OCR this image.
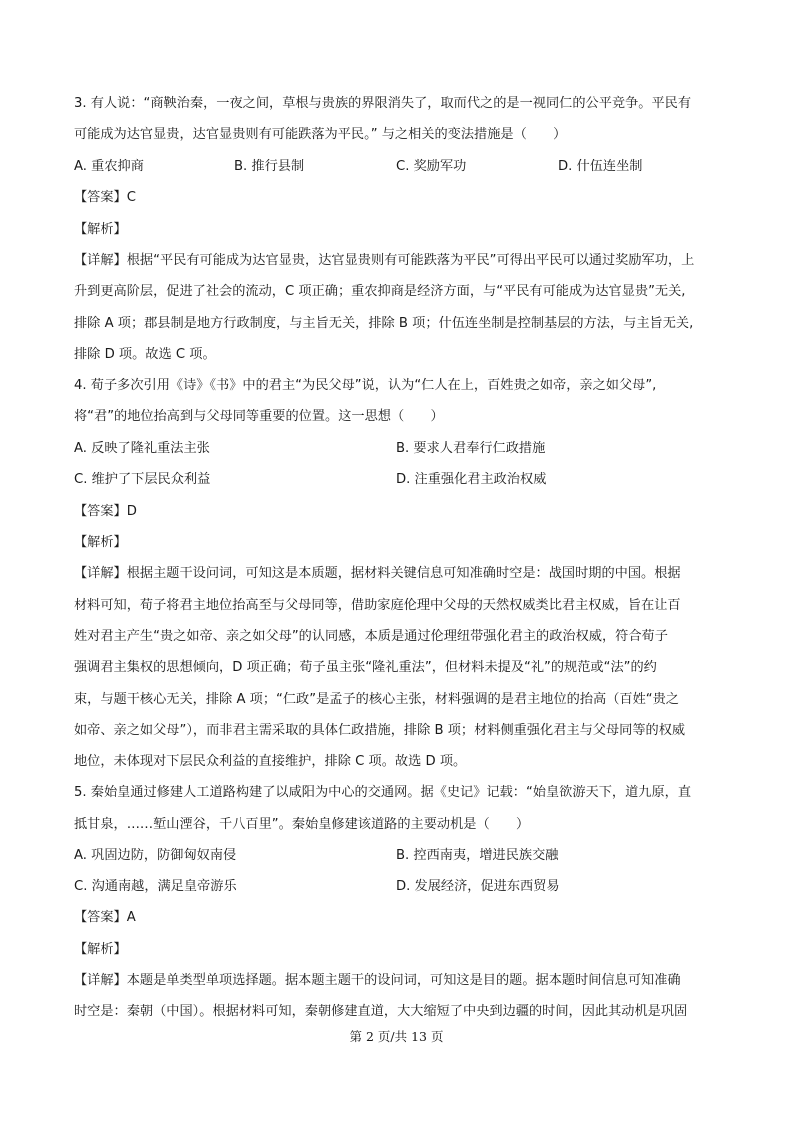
3. 有人说：“商鞅治秦，一夜之间，草根与贵族的界限消失了，取而代之的是一视同仁的公平竞争。平民有
可能成为达官显贵，达官显贵则有可能跌落为平民。” 与之相关的变法措施是（　　）
A. 重农抑商	B. 推行县制	C. 奖励军功	D. 什伍连坐制
【答案】C
【解析】
【详解】根据“平民有可能成为达官显贵，达官显贵则有可能跌落为平民”可得出平民可以通过奖励军功，上
升到更高阶层，促进了社会的流动，C 项正确；重农抑商是经济方面，与“平民有可能成为达官显贵”无关,
排除 A 项；郡县制是地方行政制度，与主旨无关，排除 B 项；什伍连坐制是控制基层的方法，与主旨无关,
排除 D 项。故选 C 项。
4. 荀子多次引用《诗》《书》中的君主“为民父母”说，认为“仁人在上，百姓贵之如帝，亲之如父母”,
将“君”的地位抬高到与父母同等重要的位置。这一思想（　　）
A. 反映了隆礼重法主张	B. 要求人君奉行仁政措施
C. 维护了下层民众利益	D. 注重强化君主政治权威
【答案】D
【解析】
【详解】根据主题干设问词，可知这是本质题，据材料关键信息可知准确时空是：战国时期的中国。根据
材料可知，荀子将君主地位抬高至与父母同等，借助家庭伦理中父母的天然权威类比君主权威，旨在让百
姓对君主产生“贵之如帝、亲之如父母”的认同感，本质是通过伦理纽带强化君主的政治权威，符合荀子
强调君主集权的思想倾向，D 项正确；荀子虽主张“隆礼重法”，但材料未提及“礼”的规范或“法”的约
束，与题干核心无关，排除 A 项；“仁政”是孟子的核心主张，材料强调的是君主地位的抬高（百姓“贵之
如帝、亲之如父母”），而非君主需采取的具体仁政措施，排除 B 项；材料侧重强化君主与父母同等的权威
地位，未体现对下层民众利益的直接维护，排除 C 项。故选 D 项。
5. 秦始皇通过修建人工道路构建了以咸阳为中心的交通网。据《史记》记载：“始皇欲游天下，道九原，直
抵甘泉，……堑山湮谷，千八百里”。秦始皇修建该道路的主要动机是（　　）
A. 巩固边防，防御匈奴南侵	B. 控西南夷，增进民族交融
C. 沟通南越，满足皇帝游乐	D. 发展经济，促进东西贸易
【答案】A
【解析】
【详解】本题是单类型单项选择题。据本题主题干的设问词，可知这是目的题。据本题时间信息可知准确
时空是：秦朝（中国）。根据材料可知，秦朝修建直道，大大缩短了中央到边疆的时间，因此其动机是巩固
第 2 页/共 13 页
